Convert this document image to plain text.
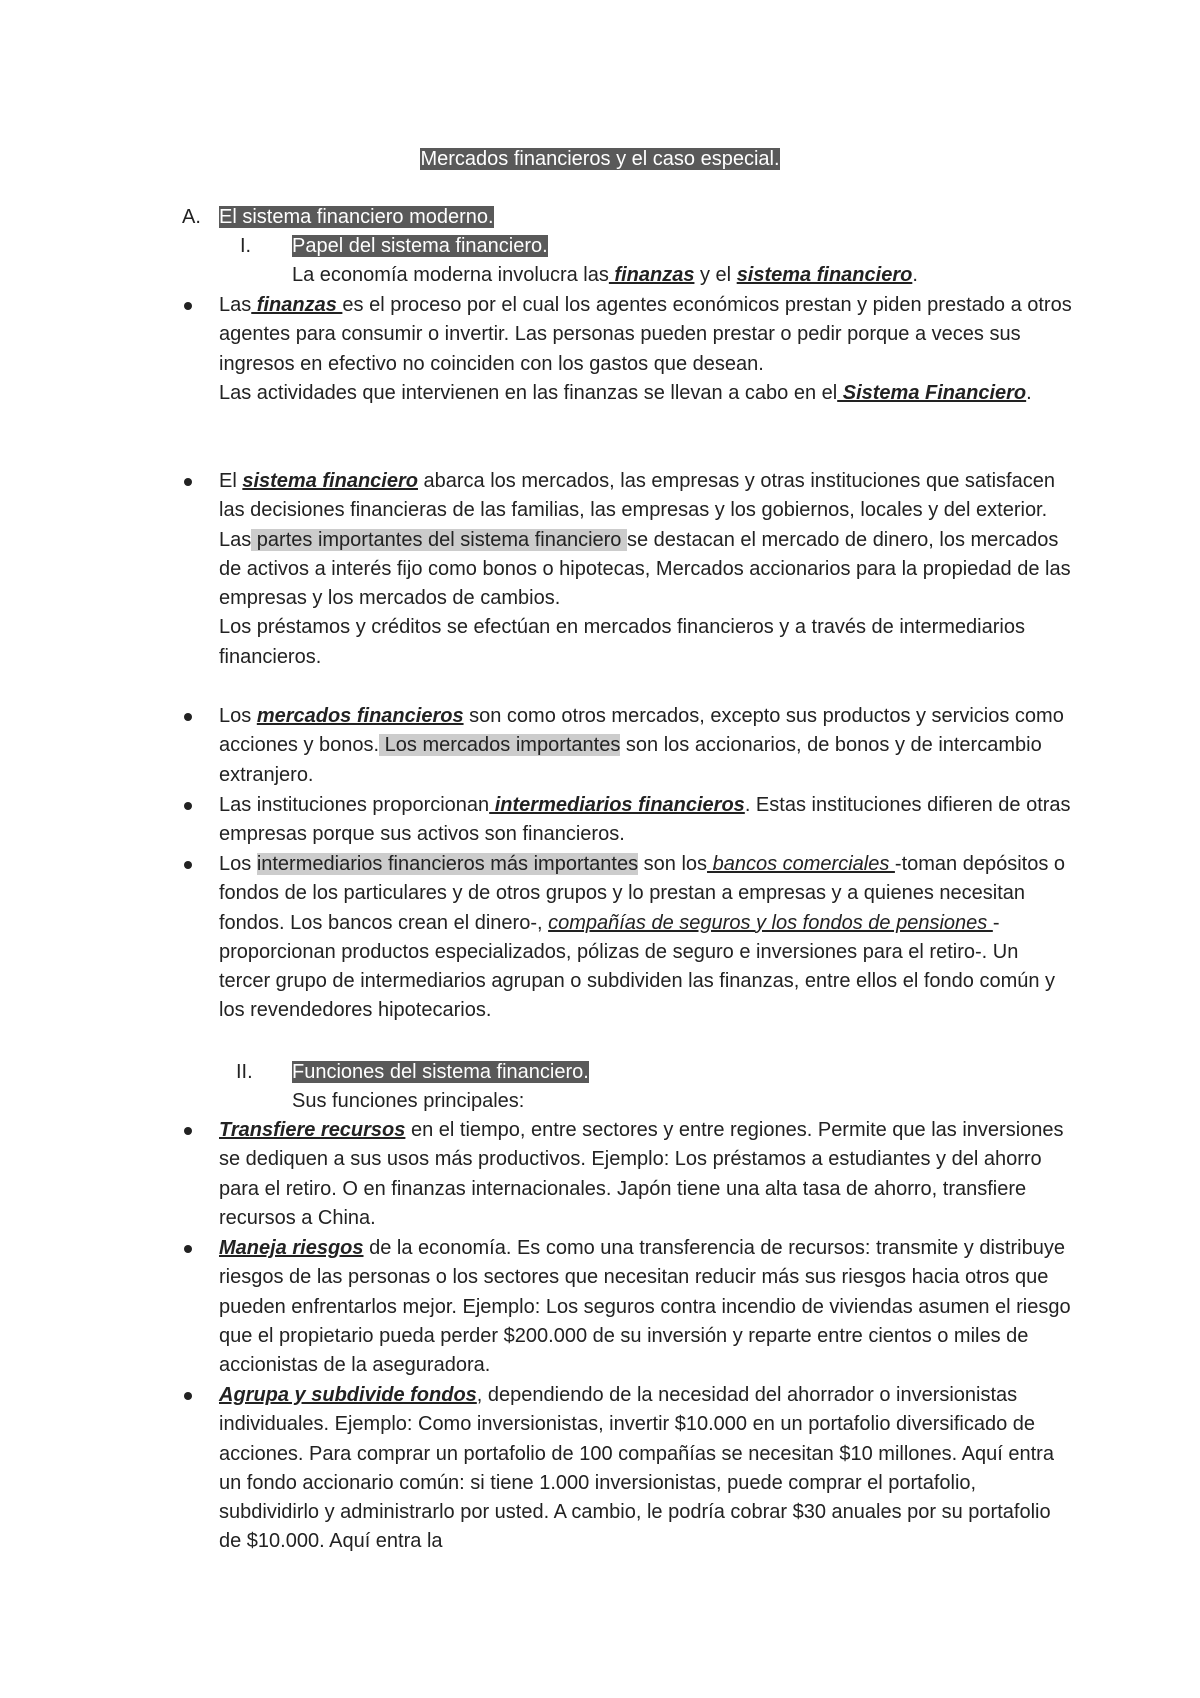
Mercados financieros y el caso especial.
A. El sistema financiero moderno.
I. Papel del sistema financiero.
La economía moderna involucra las finanzas y el sistema financiero.
Las finanzas es el proceso por el cual los agentes económicos prestan y piden prestado a otros agentes para consumir o invertir. Las personas pueden prestar o pedir porque a veces sus ingresos en efectivo no coinciden con los gastos que desean.
Las actividades que intervienen en las finanzas se llevan a cabo en el Sistema Financiero.
El sistema financiero abarca los mercados, las empresas y otras instituciones que satisfacen las decisiones financieras de las familias, las empresas y los gobiernos, locales y del exterior. Las partes importantes del sistema financiero se destacan el mercado de dinero, los mercados de activos a interés fijo como bonos o hipotecas, Mercados accionarios para la propiedad de las empresas y los mercados de cambios.
Los préstamos y créditos se efectúan en mercados financieros y a través de intermediarios financieros.
Los mercados financieros son como otros mercados, excepto sus productos y servicios como acciones y bonos. Los mercados importantes son los accionarios, de bonos y de intercambio extranjero.
Las instituciones proporcionan intermediarios financieros. Estas instituciones difieren de otras empresas porque sus activos son financieros.
Los intermediarios financieros más importantes son los bancos comerciales -toman depósitos o fondos de los particulares y de otros grupos y lo prestan a empresas y a quienes necesitan fondos. Los bancos crean el dinero-, compañías de seguros y los fondos de pensiones -proporcionan productos especializados, pólizas de seguro e inversiones para el retiro-. Un tercer grupo de intermediarios agrupan o subdividen las finanzas, entre ellos el fondo común y los revendedores hipotecarios.
II. Funciones del sistema financiero.
Sus funciones principales:
Transfiere recursos en el tiempo, entre sectores y entre regiones. Permite que las inversiones se dediquen a sus usos más productivos. Ejemplo: Los préstamos a estudiantes y del ahorro para el retiro. O en finanzas internacionales. Japón tiene una alta tasa de ahorro, transfiere recursos a China.
Maneja riesgos de la economía. Es como una transferencia de recursos: transmite y distribuye riesgos de las personas o los sectores que necesitan reducir más sus riesgos hacia otros que pueden enfrentarlos mejor. Ejemplo: Los seguros contra incendio de viviendas asumen el riesgo que el propietario pueda perder $200.000 de su inversión y reparte entre cientos o miles de accionistas de la aseguradora.
Agrupa y subdivide fondos, dependiendo de la necesidad del ahorrador o inversionistas individuales. Ejemplo: Como inversionistas, invertir $10.000 en un portafolio diversificado de acciones. Para comprar un portafolio de 100 compañías se necesitan $10 millones. Aquí entra un fondo accionario común: si tiene 1.000 inversionistas, puede comprar el portafolio, subdividirlo y administrarlo por usted. A cambio, le podría cobrar $30 anuales por su portafolio de $10.000. Aquí entra la
